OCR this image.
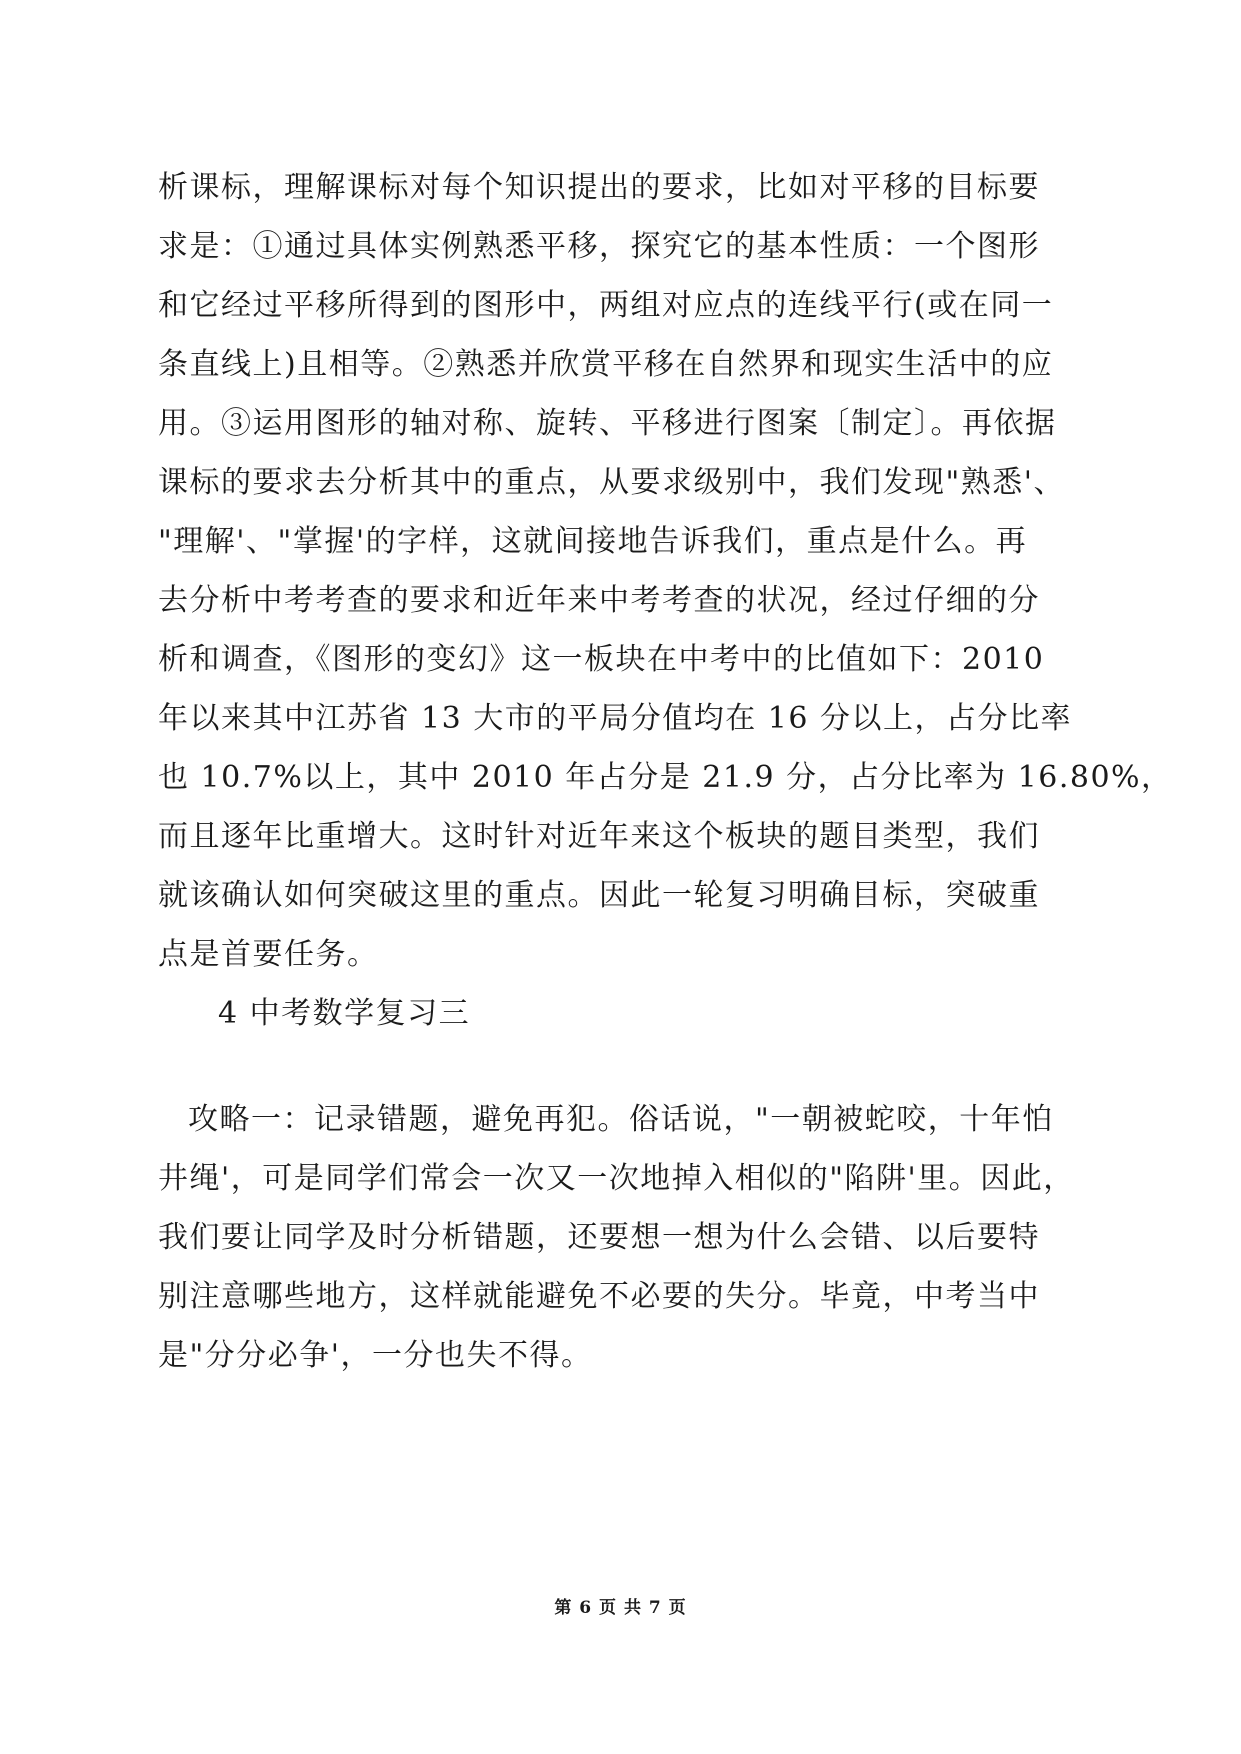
析课标，理解课标对每个知识提出的要求，比如对平移的目标要
求是：①通过具体实例熟悉平移，探究它的基本性质：一个图形
和它经过平移所得到的图形中，两组对应点的连线平行(或在同一
条直线上)且相等。②熟悉并欣赏平移在自然界和现实生活中的应
用。③运用图形的轴对称、旋转、平移进行图案〔制定〕。再依据
课标的要求去分析其中的重点，从要求级别中，我们发现"熟悉'、
"理解'、"掌握'的字样，这就间接地告诉我们，重点是什么。再
去分析中考考查的要求和近年来中考考查的状况，经过仔细的分
析和调查，《图形的变幻》这一板块在中考中的比值如下：2010
年以来其中江苏省 13 大市的平局分值均在 16 分以上，占分比率
也 10.7%以上，其中 2010 年占分是 21.9 分，占分比率为 16.80%，
而且逐年比重增大。这时针对近年来这个板块的题目类型，我们
就该确认如何突破这里的重点。因此一轮复习明确目标，突破重
点是首要任务。
4 中考数学复习三
攻略一：记录错题，避免再犯。俗话说，"一朝被蛇咬，十年怕
井绳'，可是同学们常会一次又一次地掉入相似的"陷阱'里。因此，
我们要让同学及时分析错题，还要想一想为什么会错、以后要特
别注意哪些地方，这样就能避免不必要的失分。毕竟，中考当中
是"分分必争'，一分也失不得。
第 6 页 共 7 页
